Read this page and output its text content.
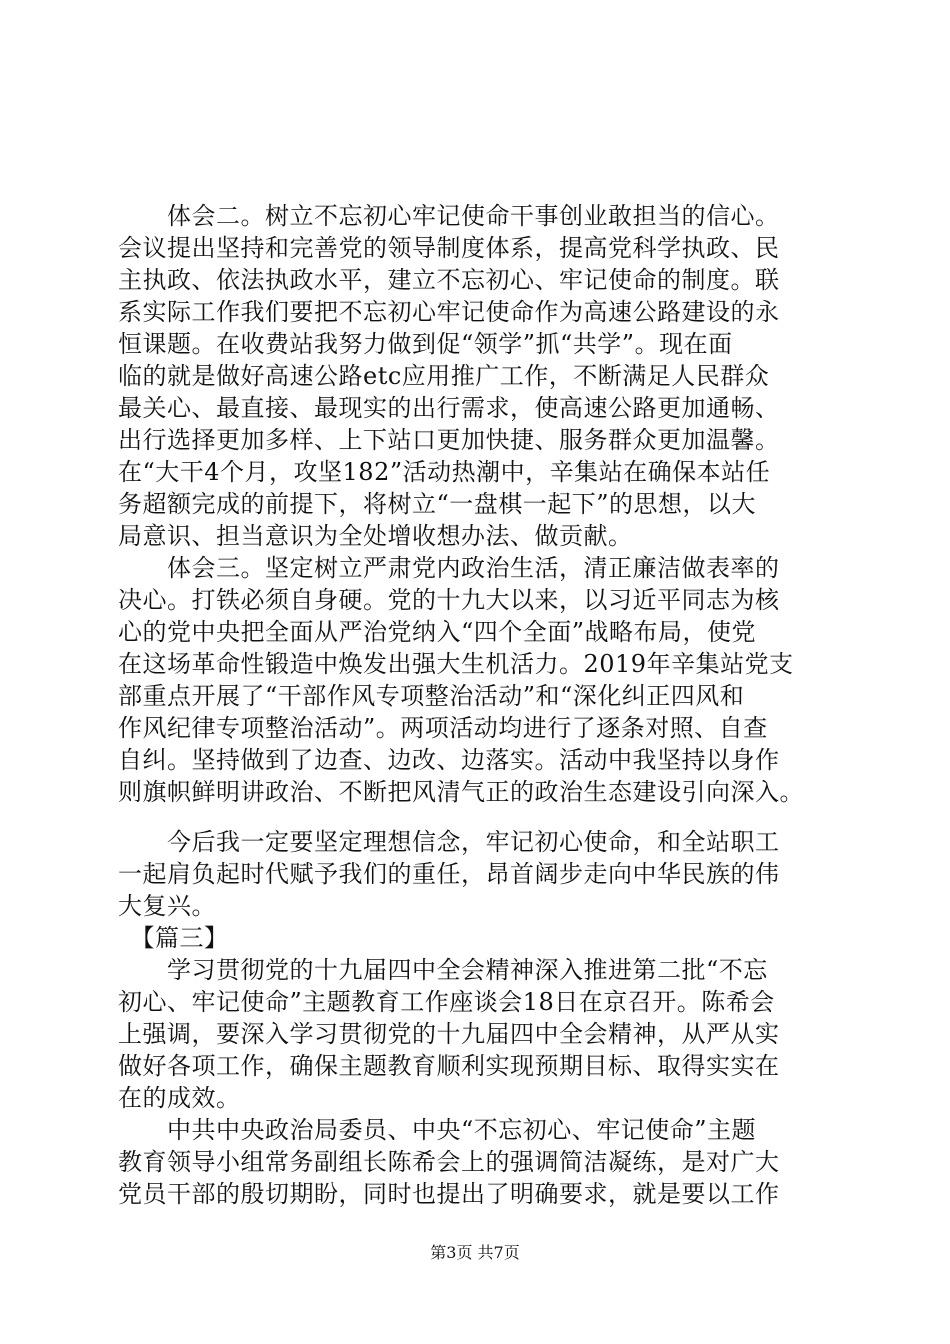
　　体会二。树立不忘初心牢记使命干事创业敢担当的信心。
会议提出坚持和完善党的领导制度体系，提高党科学执政、民
主执政、依法执政水平，建立不忘初心、牢记使命的制度。联
系实际工作我们要把不忘初心牢记使命作为高速公路建设的永
恒课题。在收费站我努力做到促“领学”抓“共学”。现在面
临的就是做好高速公路etc应用推广工作，不断满足人民群众
最关心、最直接、最现实的出行需求，使高速公路更加通畅、
出行选择更加多样、上下站口更加快捷、服务群众更加温馨。
在“大干4个月，攻坚182”活动热潮中，辛集站在确保本站任
务超额完成的前提下，将树立“一盘棋一起下”的思想，以大
局意识、担当意识为全处增收想办法、做贡献。
　　体会三。坚定树立严肃党内政治生活，清正廉洁做表率的
决心。打铁必须自身硬。党的十九大以来，以习近平同志为核
心的党中央把全面从严治党纳入“四个全面”战略布局，使党
在这场革命性锻造中焕发出强大生机活力。2019年辛集站党支
部重点开展了“干部作风专项整治活动”和“深化纠正四风和
作风纪律专项整治活动”。两项活动均进行了逐条对照、自查
自纠。坚持做到了边查、边改、边落实。活动中我坚持以身作
则旗帜鲜明讲政治、不断把风清气正的政治生态建设引向深入。
　　今后我一定要坚定理想信念，牢记初心使命，和全站职工
一起肩负起时代赋予我们的重任，昂首阔步走向中华民族的伟
大复兴。
　【篇三】
　　学习贯彻党的十九届四中全会精神深入推进第二批“不忘
初心、牢记使命”主题教育工作座谈会18日在京召开。陈希会
上强调，要深入学习贯彻党的十九届四中全会精神，从严从实
做好各项工作，确保主题教育顺利实现预期目标、取得实实在
在的成效。
　　中共中央政治局委员、中央“不忘初心、牢记使命”主题
教育领导小组常务副组长陈希会上的强调简洁凝练，是对广大
党员干部的殷切期盼，同时也提出了明确要求，就是要以工作
第3页 共7页
